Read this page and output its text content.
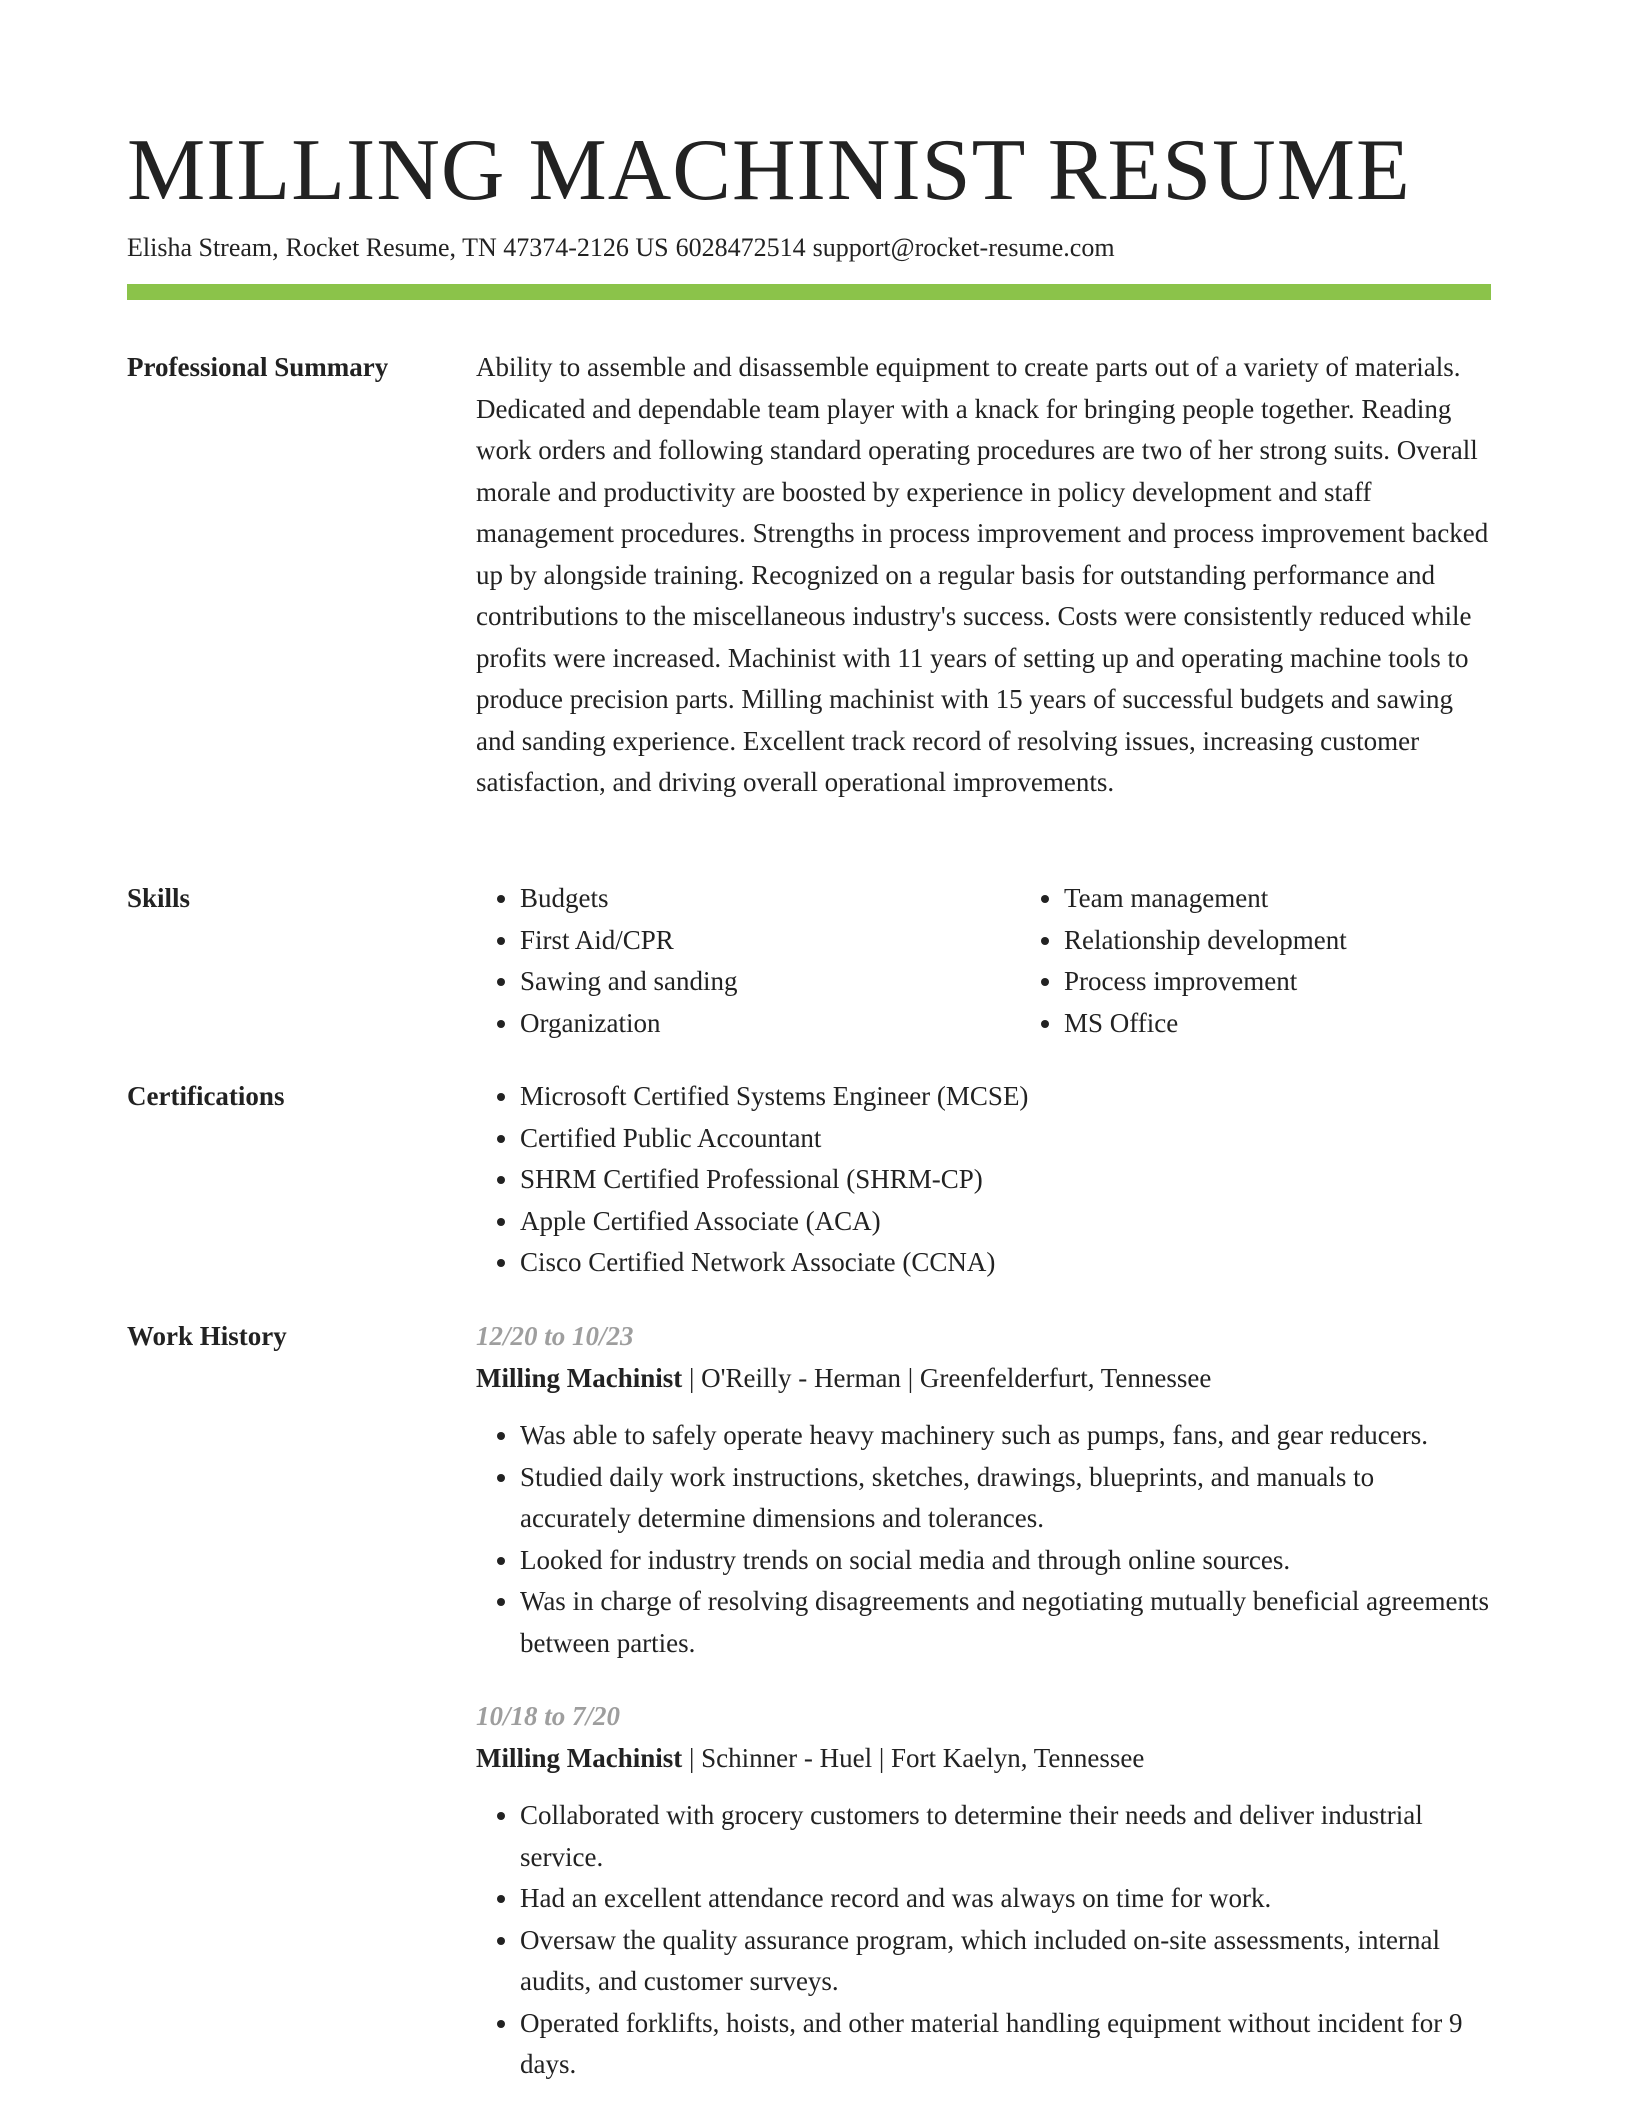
MILLING MACHINIST RESUME
Elisha Stream, Rocket Resume, TN 47374-2126 US 6028472514 support@rocket-resume.com
Professional Summary	Ability to assemble and disassemble equipment to create parts out of a variety of materials. Dedicated and dependable team player with a knack for bringing people together. Reading work orders and following standard operating procedures are two of her strong suits. Overall morale and productivity are boosted by experience in policy development and staff management procedures. Strengths in process improvement and process improvement backed up by alongside training. Recognized on a regular basis for outstanding performance and contributions to the miscellaneous industry's success. Costs were consistently reduced while profits were increased. Machinist with 11 years of setting up and operating machine tools to produce precision parts. Milling machinist with 15 years of successful budgets and sawing and sanding experience. Excellent track record of resolving issues, increasing customer satisfaction, and driving overall operational improvements.

Skills	• Budgets
• First Aid/CPR
• Sawing and sanding
• Organization
• Team management
• Relationship development
• Process improvement
• MS Office
Certifications	• Microsoft Certified Systems Engineer (MCSE)
• Certified Public Accountant
• SHRM Certified Professional (SHRM-CP)
• Apple Certified Associate (ACA)
• Cisco Certified Network Associate (CCNA)
Work History	12/20 to 10/23
Milling Machinist | O'Reilly - Herman | Greenfelderfurt, Tennessee
• Was able to safely operate heavy machinery such as pumps, fans, and gear reducers.
• Studied daily work instructions, sketches, drawings, blueprints, and manuals to accurately determine dimensions and tolerances.
• Looked for industry trends on social media and through online sources.
• Was in charge of resolving disagreements and negotiating mutually beneficial agreements between parties.
10/18 to 7/20
Milling Machinist | Schinner - Huel | Fort Kaelyn, Tennessee
• Collaborated with grocery customers to determine their needs and deliver industrial service.
• Had an excellent attendance record and was always on time for work.
• Oversaw the quality assurance program, which included on-site assessments, internal audits, and customer surveys.
• Operated forklifts, hoists, and other material handling equipment without incident for 9 days.
